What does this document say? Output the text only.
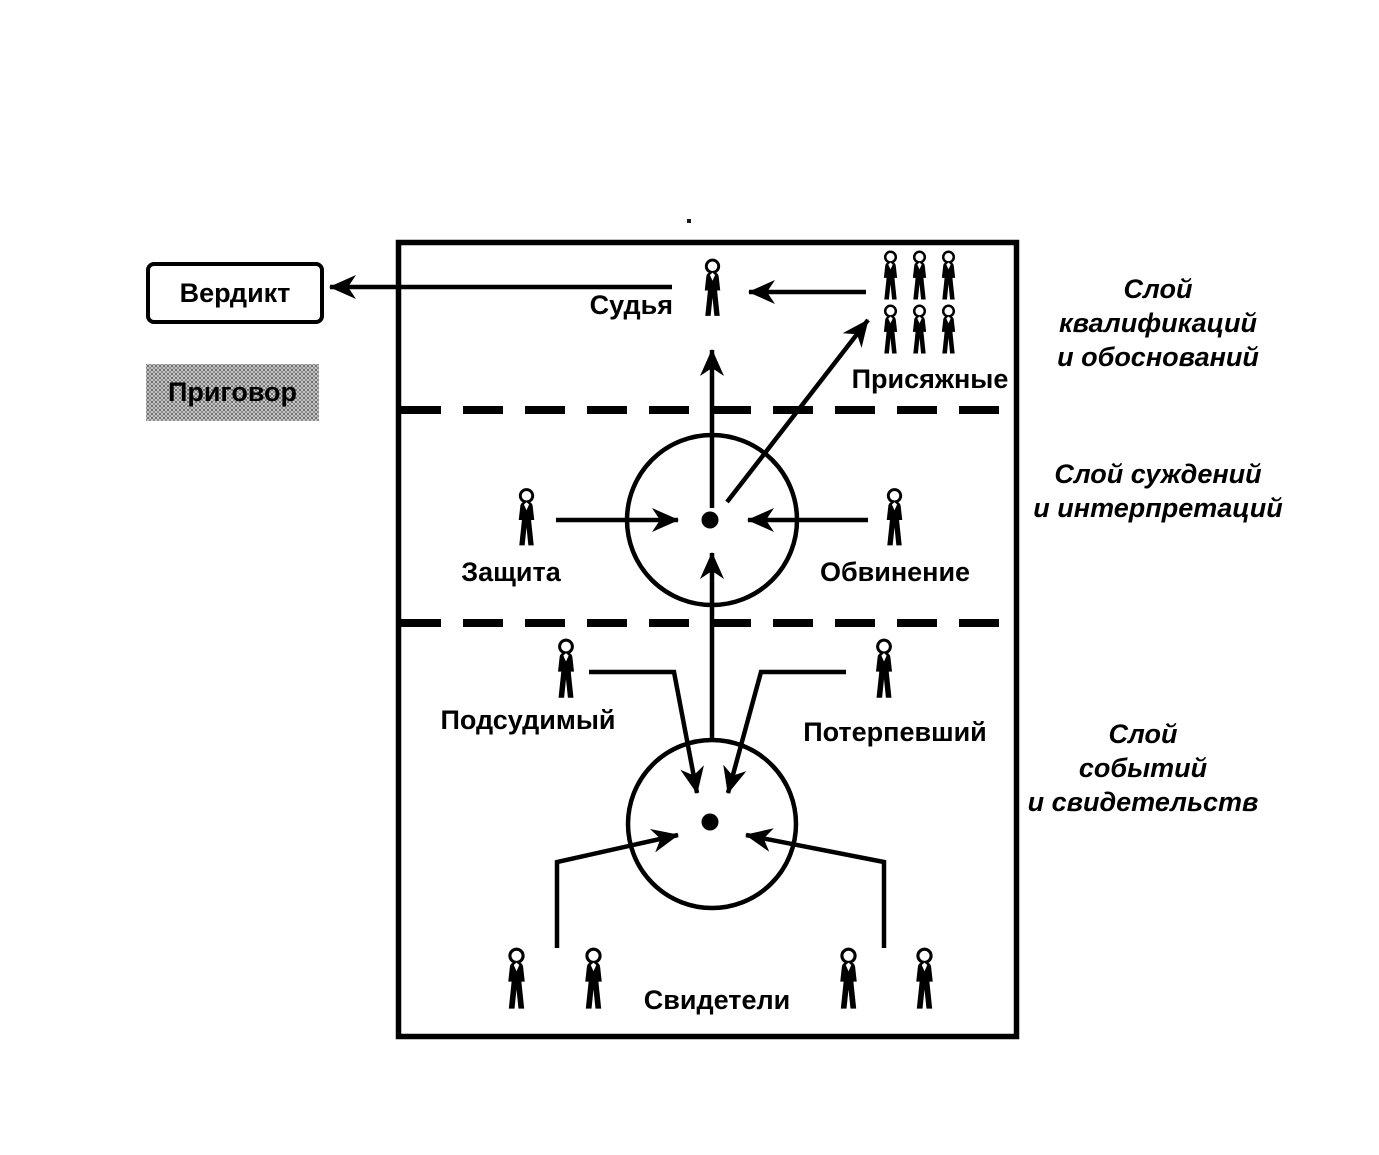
Вердикт
Приговор
Судья
Присяжные
Защита	Обвинение
Подсудимый	Потерпевший
Свидетели
Слой
квалификаций
и обоснований
Слой суждений
и интерпретаций
Слой
событий
и свидетельств
